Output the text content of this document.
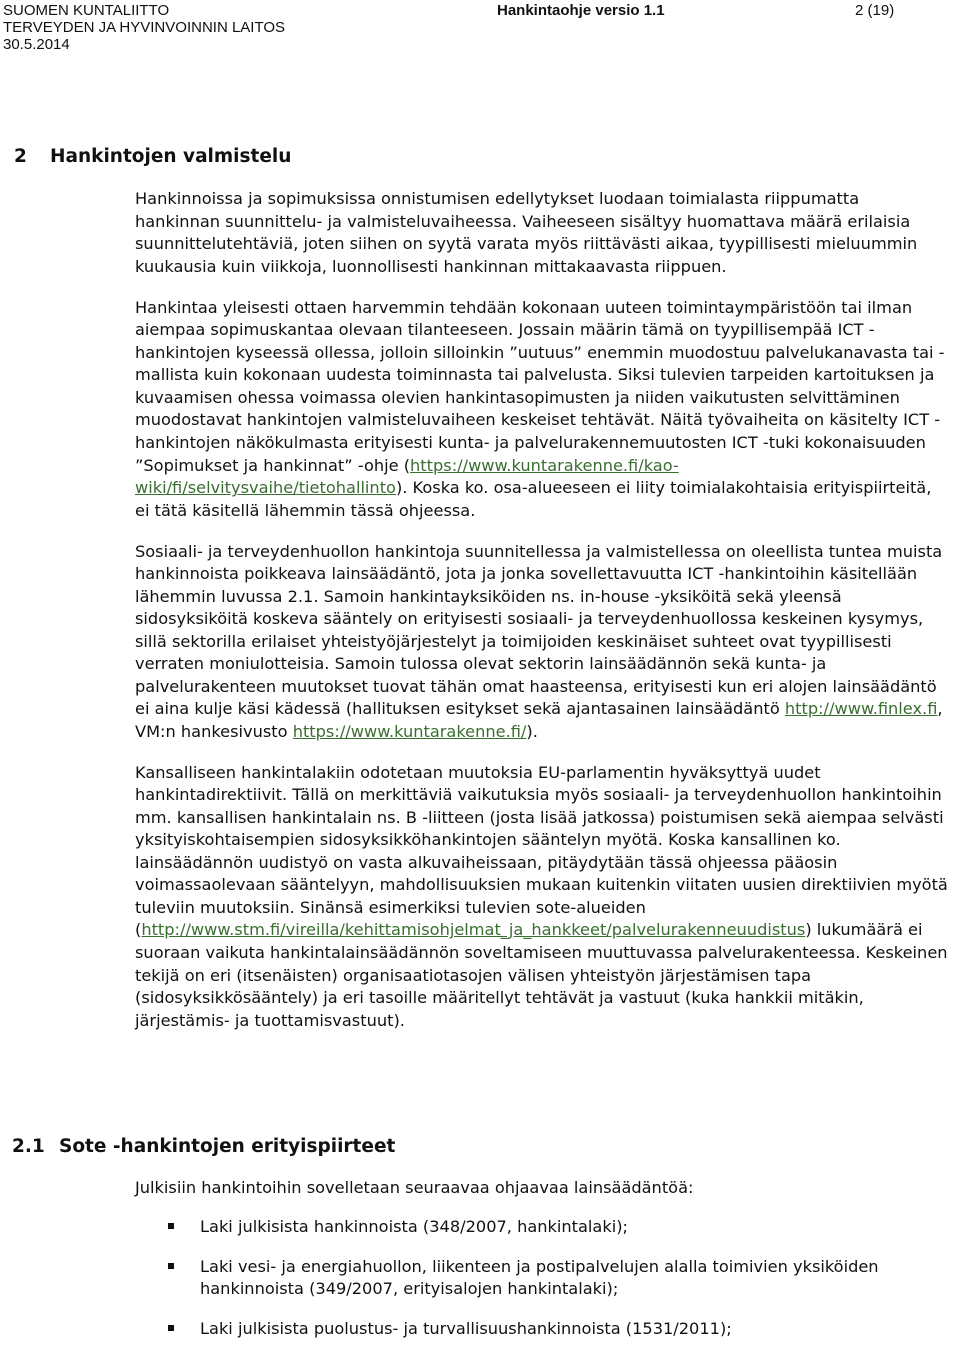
SUOMEN KUNTALIITTO
TERVEYDEN JA HYVINVOINNIN LAITOS
30.5.2014
Hankintaohje versio 1.1	2 (19)
2 Hankintojen valmistelu

Hankinnoissa ja sopimuksissa onnistumisen edellytykset luodaan toimialasta riippumatta hankinnan suunnittelu- ja valmisteluvaiheessa. Vaiheeseen sisältyy huomattava määrä erilaisia suunnittelutehtäviä, joten siihen on syytä varata myös riittävästi aikaa, tyypillisesti mieluummin kuukausia kuin viikkoja, luonnollisesti hankinnan mittakaavasta riippuen.

Hankintaa yleisesti ottaen harvemmin tehdään kokonaan uuteen toimintaympäristöön tai ilman aiempaa sopimuskantaa olevaan tilanteeseen. Jossain määrin tämä on tyypillisempää ICT -hankintojen kyseessä ollessa, jolloin silloinkin ”uutuus” enemmin muodostuu palvelukanavasta tai -mallista kuin kokonaan uudesta toiminnasta tai palvelusta. Siksi tulevien tarpeiden kartoituksen ja kuvaamisen ohessa voimassa olevien hankintasopimusten ja niiden vaikutusten selvittäminen muodostavat hankintojen valmisteluvaiheen keskeiset tehtävät. Näitä työvaiheita on käsitelty ICT -hankintojen näkökulmasta erityisesti kunta- ja palvelurakennemuutosten ICT -tuki kokonaisuuden ”Sopimukset ja hankinnat” -ohje (https://www.kuntarakenne.fi/kao-wiki/fi/selvitysvaihe/tietohallinto). Koska ko. osa-alueeseen ei liity toimialakohtaisia erityispiirteitä, ei tätä käsitellä lähemmin tässä ohjeessa.

Sosiaali- ja terveydenhuollon hankintoja suunnitellessa ja valmistellessa on oleellista tuntea muista hankinnoista poikkeava lainsäädäntö, jota ja jonka sovellettavuutta ICT -hankintoihin käsitellään lähemmin luvussa 2.1. Samoin hankintayksiköiden ns. in-house -yksiköitä sekä yleensä sidosyksiköitä koskeva sääntely on erityisesti sosiaali- ja terveydenhuollossa keskeinen kysymys, sillä sektorilla erilaiset yhteistyöjärjestelyt ja toimijoiden keskinäiset suhteet ovat tyypillisesti verraten moniulotteisia. Samoin tulossa olevat sektorin lainsäädännön sekä kunta- ja palvelurakenteen muutokset tuovat tähän omat haasteensa, erityisesti kun eri alojen lainsäädäntö ei aina kulje käsi kädessä (hallituksen esitykset sekä ajantasainen lainsäädäntö http://www.finlex.fi, VM:n hankesivusto https://www.kuntarakenne.fi/).

Kansalliseen hankintalakiin odotetaan muutoksia EU-parlamentin hyväksyttyä uudet hankintadirektiivit. Tällä on merkittäviä vaikutuksia myös sosiaali- ja terveydenhuollon hankintoihin mm. kansallisen hankintalain ns. B -liitteen (josta lisää jatkossa) poistumisen sekä aiempaa selvästi yksityiskohtaisempien sidosyksikköhankintojen sääntelyn myötä. Koska kansallinen ko. lainsäädännön uudistyö on vasta alkuvaiheissaan, pitäydytään tässä ohjeessa pääosin voimassaolevaan sääntelyyn, mahdollisuuksien mukaan kuitenkin viitaten uusien direktiivien myötä tuleviin muutoksiin. Sinänsä esimerkiksi tulevien sote-alueiden (http://www.stm.fi/vireilla/kehittamisohjelmat_ja_hankkeet/palvelurakenneuudistus) lukumäärä ei suoraan vaikuta hankintalainsäädännön soveltamiseen muuttuvassa palvelurakenteessa. Keskeinen tekijä on eri (itsenäisten) organisaatiotasojen välisen yhteistyön järjestämisen tapa (sidosyksikkösääntely) ja eri tasoille määritellyt tehtävät ja vastuut (kuka hankkii mitäkin, järjestämis- ja tuottamisvastuut).

2.1 Sote -hankintojen erityispiirteet

Julkisiin hankintoihin sovelletaan seuraavaa ohjaavaa lainsäädäntöä:

Laki julkisista hankinnoista (348/2007, hankintalaki);
Laki vesi- ja energiahuollon, liikenteen ja postipalvelujen alalla toimivien yksiköiden hankinnoista (349/2007, erityisalojen hankintalaki);
Laki julkisista puolustus- ja turvallisuushankinnoista (1531/2011);
